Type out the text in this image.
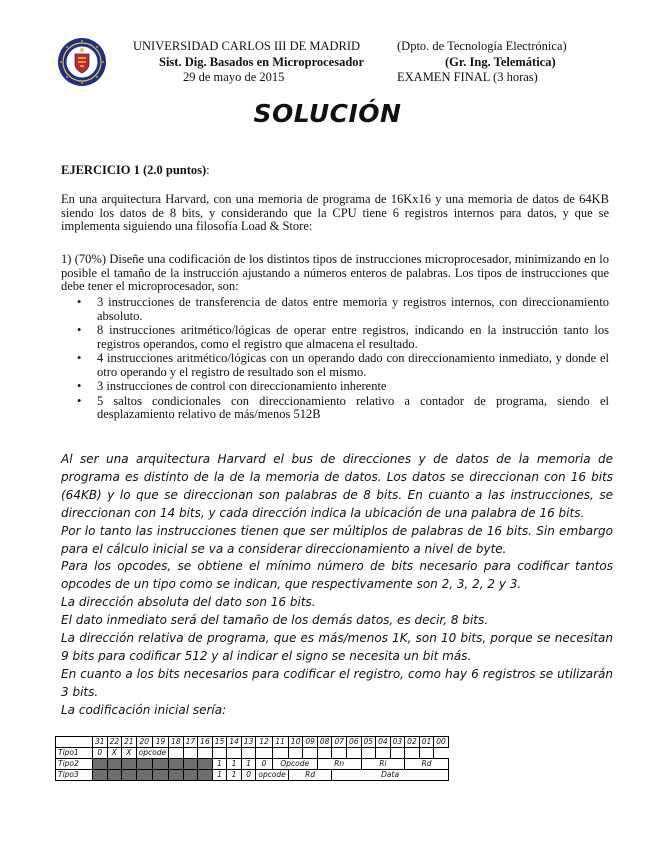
UNIVERSIDAD CARLOS III DE MADRID	(Dpto. de Tecnología Electrónica)
Sist. Dig. Basados en Microprocesador	(Gr. Ing. Telemática)
29 de mayo de 2015	EXAMEN FINAL (3 horas)
SOLUCIÓN
EJERCICIO 1 (2.0 puntos):
En una arquitectura Harvard, con una memoria de programa de 16Kx16 y una memoria de datos de 64KB siendo los datos de 8 bits, y considerando que la CPU tiene 6 registros internos para datos, y que se implementa siguiendo una filosofía Load & Store:
1) (70%) Diseñe una codificación de los distintos tipos de instrucciones microprocesador, minimizando en lo posible el tamaño de la instrucción ajustando a números enteros de palabras. Los tipos de instrucciones que debe tener el microprocesador, son:
• 3 instrucciones de transferencia de datos entre memoria y registros internos, con direccionamiento absoluto.
• 8 instrucciones aritmético/lógicas de operar entre registros, indicando en la instrucción tanto los registros operandos, como el registro que almacena el resultado.
• 4 instrucciones aritmético/lógicas con un operando dado con direccionamiento inmediato, y donde el otro operando y el registro de resultado son el mismo.
• 3 instrucciones de control con direccionamiento inherente
• 5 saltos condicionales con direccionamiento relativo a contador de programa, siendo el desplazamiento relativo de más/menos 512B

Al ser una arquitectura Harvard el bus de direcciones y de datos de la memoria de programa es distinto de la de la memoria de datos. Los datos se direccionan con 16 bits (64KB) y lo que se direccionan son palabras de 8 bits. En cuanto a las instrucciones, se direccionan con 14 bits, y cada dirección indica la ubicación de una palabra de 16 bits.

Por lo tanto las instrucciones tienen que ser múltiplos de palabras de 16 bits. Sin embargo para el cálculo inicial se va a considerar direccionamiento a nivel de byte.

Para los opcodes, se obtiene el mínimo número de bits necesario para codificar tantos opcodes de un tipo como se indican, que respectivamente son 2, 3, 2, 2 y 3.

La dirección absoluta del dato son 16 bits.

El dato inmediato será del tamaño de los demás datos, es decir, 8 bits.

La dirección relativa de programa, que es más/menos 1K, son 10 bits, porque se necesitan 9 bits para codificar 512 y al indicar el signo se necesita un bit más.

En cuanto a los bits necesarios para codificar el registro, como hay 6 registros se utilizarán 3 bits.

La codificación inicial sería:

	31	22	21	20	19	18	17	16	15	14	13	12	11	10	09	08	07	06	05	04	03	02	01	00
Tipo1	0	X	X	opcode																				
Tipo2									1	1	1	0	Opcode			Rn			Ri			Rd		
Tipo3									1	1	0	opcode		Rd			Data							
